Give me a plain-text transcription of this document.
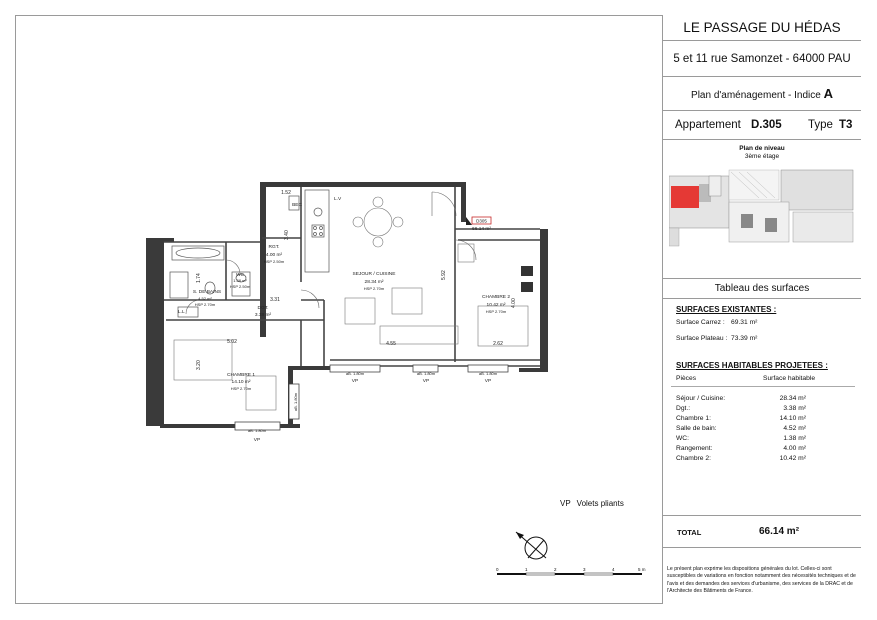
D305
66.14 m²
SEJOUR / CUISINE
28.34 m²
HSP 2.70m
CHAMBRE 1
14.10 m²
HSP 2.70m
CHAMBRE 2
10.42 m²
HSP 2.70m
S. DE BAINS
4.52 m²
HSP 2.70m
WC
1.38 m²
HSP 2.50m
RGT.
4.00 m²
HSP 2.50m
DGT.
3.38 m²
BEC
L.V
L.L
VP
VP	VP	VP
aB. 1.80m
aB. 1.80m	aB. 1.80m	aB. 1.80m
aB. 1.80m
1.52
3.40
5.92
3.31
5.02	4.55	2.62
3.20
4.00
1.74
VP Volets pliants
0	1	2	3	4	5 m
LE PASSAGE DU HÉDAS
5 et 11 rue Samonzet - 64000 PAU
Plan d'aménagement - Indice A
Appartement D.305 Type T3
Plan de niveau
3ème étage
Tableau des surfaces
SURFACES EXISTANTES :
Surface Carrez : 69.31 m²
Surface Plateau : 73.39 m²
SURFACES HABITABLES PROJETEES :
Pièces	Surface habitable
Séjour / Cuisine:	28.34 m²
Dgt.:	3.38 m²
Chambre 1:	14.10 m²
Salle de bain:	4.52 m²
WC:	1.38 m²
Rangement:	4.00 m²
Chambre 2:	10.42 m²
TOTAL	66.14 m²
Le présent plan exprime les dispositions générales du lot. Celles-ci sont susceptibles de variations en fonction notamment des nécessités techniques et de l'avis et des demandes des services d'urbanisme, des services de la DRAC et de l'Architecte des Bâtiments de France.
